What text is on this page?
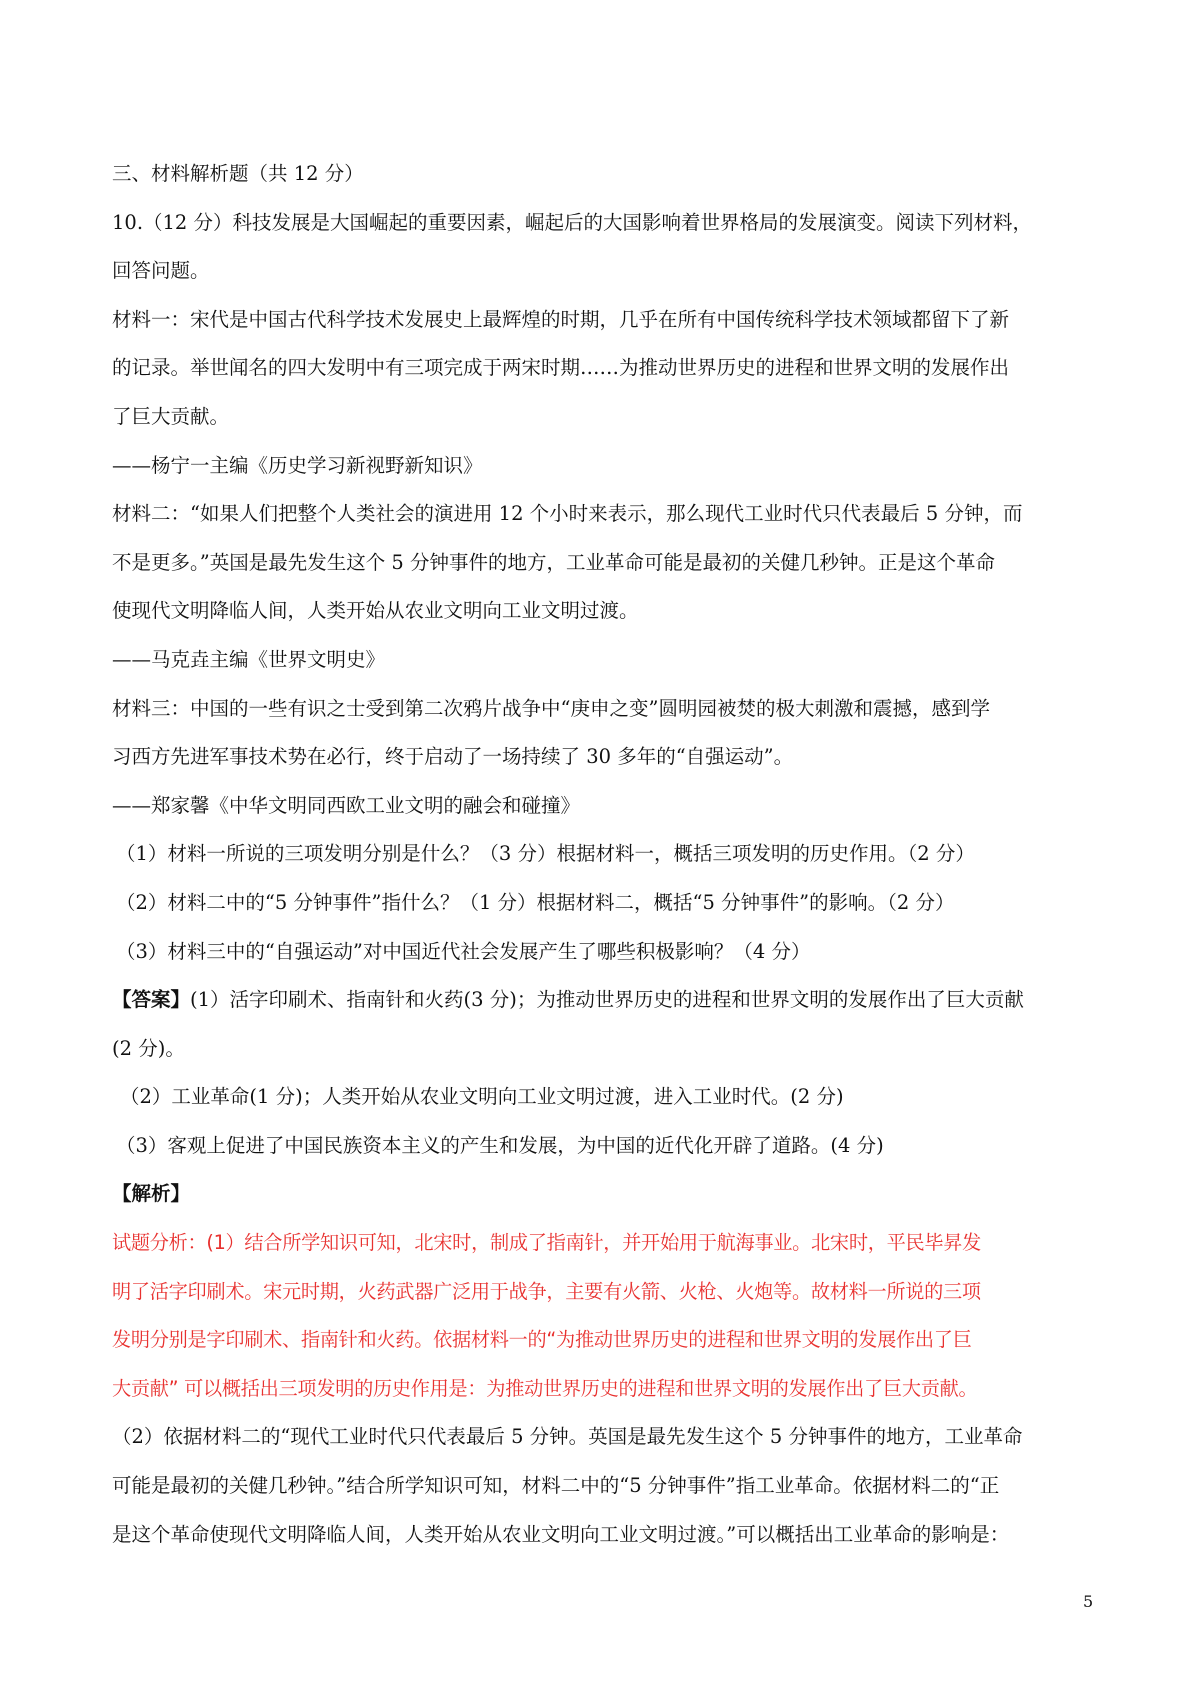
三、材料解析题（共 12 分）
10.（12 分）科技发展是大国崛起的重要因素，崛起后的大国影响着世界格局的发展演变。阅读下列材料，
回答问题。
材料一：宋代是中国古代科学技术发展史上最辉煌的时期，几乎在所有中国传统科学技术领域都留下了新
的记录。举世闻名的四大发明中有三项完成于两宋时期……为推动世界历史的进程和世界文明的发展作出
了巨大贡献。
——杨宁一主编《历史学习新视野新知识》
材料二：“如果人们把整个人类社会的演进用 12 个小时来表示，那么现代工业时代只代表最后 5 分钟，而
不是更多。”英国是最先发生这个 5 分钟事件的地方，工业革命可能是最初的关健几秒钟。正是这个革命
使现代文明降临人间，人类开始从农业文明向工业文明过渡。
——马克垚主编《世界文明史》
材料三：中国的一些有识之士受到第二次鸦片战争中“庚申之变”圆明园被焚的极大刺激和震撼，感到学
习西方先进军事技术势在必行，终于启动了一场持续了 30 多年的“自强运动”。
——郑家馨《中华文明同西欧工业文明的融会和碰撞》
（1）材料一所说的三项发明分别是什么？（3 分）根据材料一，概括三项发明的历史作用。（2 分）
（2）材料二中的“5 分钟事件”指什么？（1 分）根据材料二，概括“5 分钟事件”的影响。（2 分）
（3）材料三中的“自强运动”对中国近代社会发展产生了哪些积极影响？（4 分）
【答案】(1）活字印刷术、指南针和火药(3 分)；为推动世界历史的进程和世界文明的发展作出了巨大贡献
(2 分)。
（2）工业革命(1 分)；人类开始从农业文明向工业文明过渡，进入工业时代。(2 分)
（3）客观上促进了中国民族资本主义的产生和发展，为中国的近代化开辟了道路。(4 分)
【解析】
试题分析：(1）结合所学知识可知，北宋时，制成了指南针，并开始用于航海事业。北宋时，平民毕昇发
明了活字印刷术。宋元时期，火药武器广泛用于战争，主要有火箭、火枪、火炮等。故材料一所说的三项
发明分别是字印刷术、指南针和火药。依据材料一的“为推动世界历史的进程和世界文明的发展作出了巨
大贡献” 可以概括出三项发明的历史作用是：为推动世界历史的进程和世界文明的发展作出了巨大贡献。
（2）依据材料二的“现代工业时代只代表最后 5 分钟。英国是最先发生这个 5 分钟事件的地方，工业革命
可能是最初的关健几秒钟。”结合所学知识可知，材料二中的“5 分钟事件”指工业革命。依据材料二的“正
是这个革命使现代文明降临人间，人类开始从农业文明向工业文明过渡。”可以概括出工业革命的影响是：
5
